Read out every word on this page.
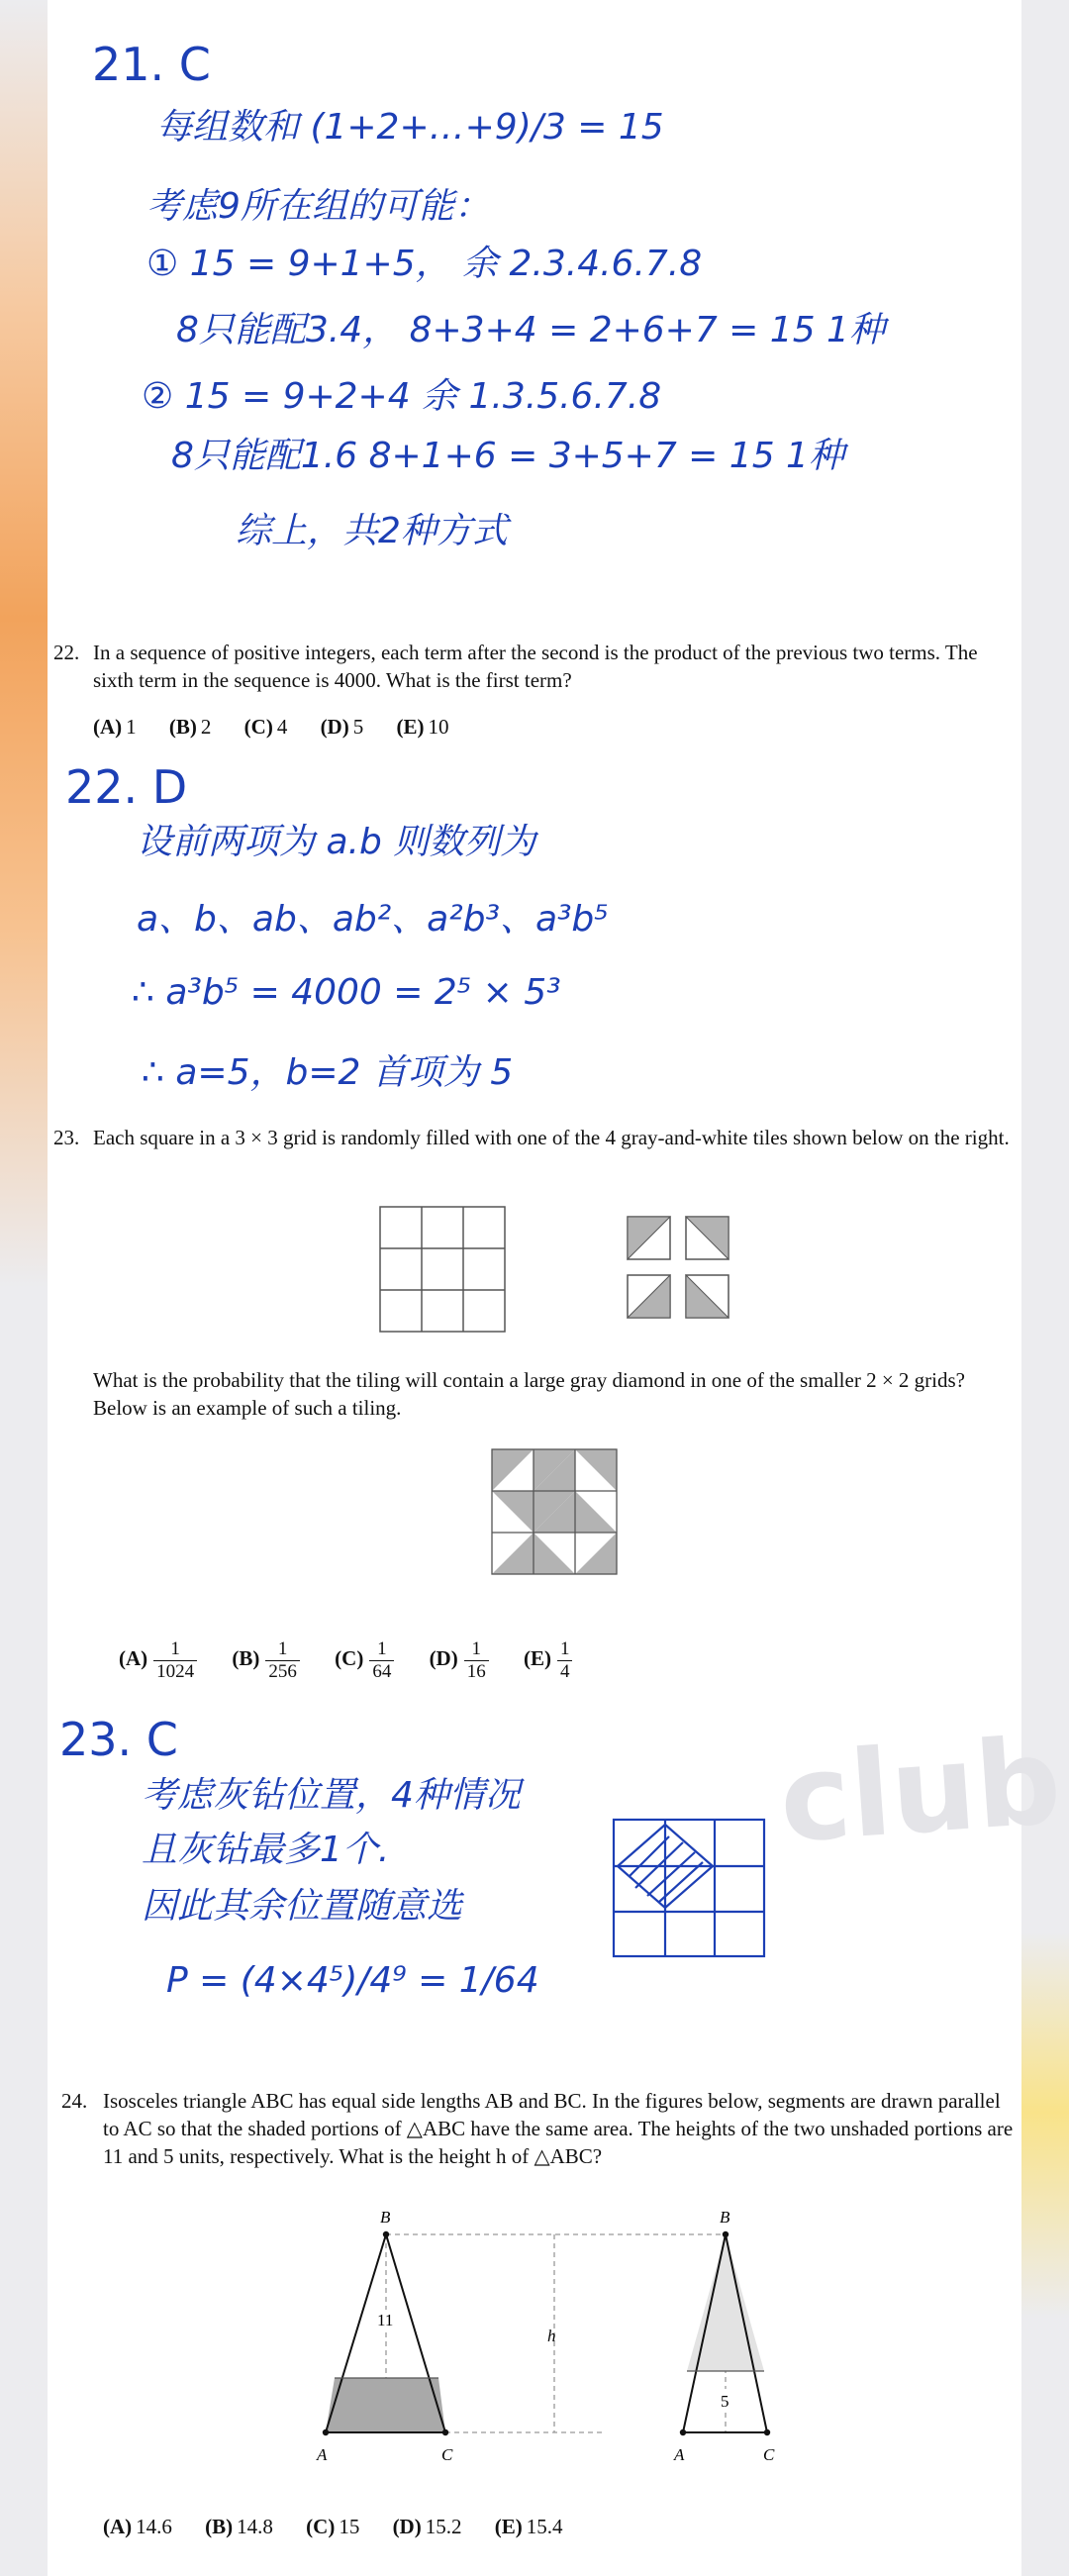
club
21. C
每组数和 (1+2+…+9)/3 = 15
考虑9所在组的可能：
① 15 = 9+1+5， 余 2.3.4.6.7.8
8只能配3.4， 8+3+4 = 2+6+7 = 15 1种
② 15 = 9+2+4 余 1.3.5.6.7.8
8只能配1.6 8+1+6 = 3+5+7 = 15 1种
综上，共2种方式
22. In a sequence of positive integers, each term after the second is the product of the previous two terms. The sixth term in the sequence is 4000. What is the first term?
(A) 1 (B) 2 (C) 4 (D) 5 (E) 10
22. D
设前两项为 a.b 则数列为
a、b、ab、ab²、a²b³、a³b⁵
∴ a³b⁵ = 4000 = 2⁵ × 5³
∴ a=5，b=2 首项为 5
23. Each square in a 3 × 3 grid is randomly filled with one of the 4 gray-and-white tiles shown below on the right.
What is the probability that the tiling will contain a large gray diamond in one of the smaller 2 × 2 grids? Below is an example of such a tiling.
$(A) \frac{1}{1024} (B) \frac{1}{256} (C) \frac{1}{64} (D) \frac{1}{16} (E) \frac{1}{4}$
23. C
考虑灰钻位置，4种情况
且灰钻最多1个.
因此其余位置随意选
P = (4×4⁵)/4⁹ = 1/64
24. Isosceles triangle ABC has equal side lengths AB and BC. In the figures below, segments are drawn parallel to AC so that the shaded portions of △ABC have the same area. The heights of the two unshaded portions are 11 and 5 units, respectively. What is the height h of △ABC?
B
A	C
B
A	C
h
11
5
(A) 14.6 (B) 14.8 (C) 15 (D) 15.2 (E) 15.4
